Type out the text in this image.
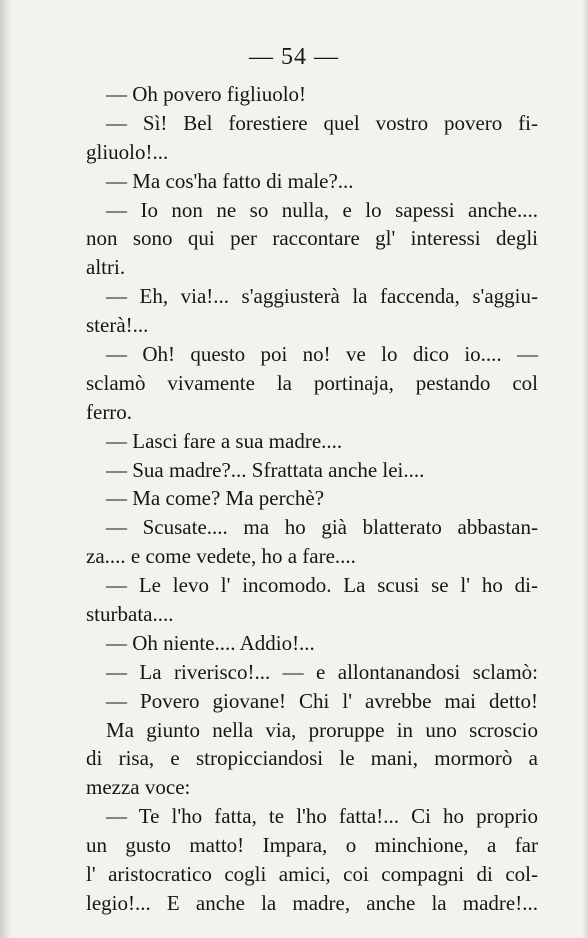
— 54 —
— Oh povero figliuolo!
— Sì! Bel forestiere quel vostro povero fi-
gliuolo!...
— Ma cos'ha fatto di male?...
— Io non ne so nulla, e lo sapessi anche....
non sono qui per raccontare gl' interessi degli
altri.
— Eh, via!... s'aggiusterà la faccenda, s'aggiu-
sterà!...
— Oh! questo poi no! ve lo dico io.... —
sclamò vivamente la portinaja, pestando col
ferro.
— Lasci fare a sua madre....
— Sua madre?... Sfrattata anche lei....
— Ma come? Ma perchè?
— Scusate.... ma ho già blatterato abbastan-
za.... e come vedete, ho a fare....
— Le levo l' incomodo. La scusi se l' ho di-
sturbata....
— Oh niente.... Addio!...
— La riverisco!... — e allontanandosi sclamò:
— Povero giovane! Chi l' avrebbe mai detto!
Ma giunto nella via, proruppe in uno scroscio
di risa, e stropicciandosi le mani, mormorò a
mezza voce:
— Te l'ho fatta, te l'ho fatta!... Ci ho proprio
un gusto matto! Impara, o minchione, a far
l' aristocratico cogli amici, coi compagni di col-
legio!... E anche la madre, anche la madre!...
